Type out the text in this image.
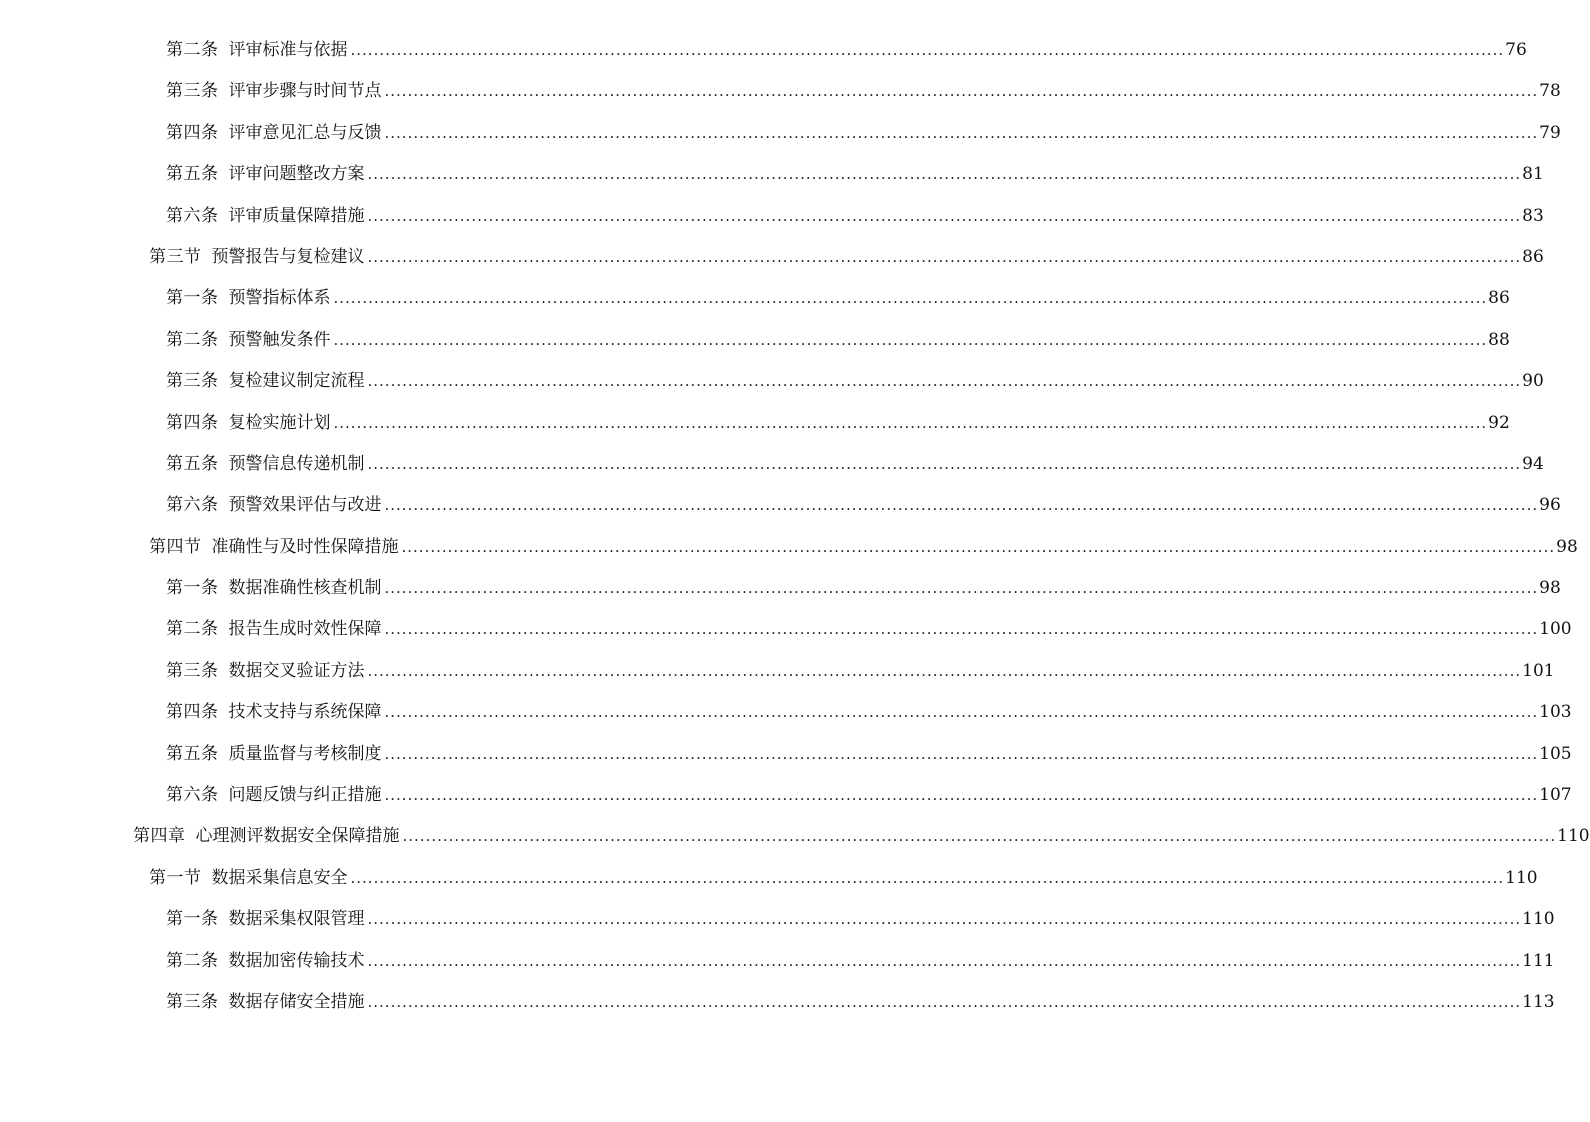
第二条 评审标准与依据 ........................................................................................................................................................................................................ 76
第三条 评审步骤与时间节点 ........................................................................................................................................................................................................ 78
第四条 评审意见汇总与反馈 ........................................................................................................................................................................................................ 79
第五条 评审问题整改方案 ........................................................................................................................................................................................................ 81
第六条 评审质量保障措施 ........................................................................................................................................................................................................ 83
第三节 预警报告与复检建议 ........................................................................................................................................................................................................ 86
第一条 预警指标体系 ........................................................................................................................................................................................................ 86
第二条 预警触发条件 ........................................................................................................................................................................................................ 88
第三条 复检建议制定流程 ........................................................................................................................................................................................................ 90
第四条 复检实施计划 ........................................................................................................................................................................................................ 92
第五条 预警信息传递机制 ........................................................................................................................................................................................................ 94
第六条 预警效果评估与改进 ........................................................................................................................................................................................................ 96
第四节 准确性与及时性保障措施 ........................................................................................................................................................................................................ 98
第一条 数据准确性核查机制 ........................................................................................................................................................................................................ 98
第二条 报告生成时效性保障 ........................................................................................................................................................................................................ 100
第三条 数据交叉验证方法 ........................................................................................................................................................................................................ 101
第四条 技术支持与系统保障 ........................................................................................................................................................................................................ 103
第五条 质量监督与考核制度 ........................................................................................................................................................................................................ 105
第六条 问题反馈与纠正措施 ........................................................................................................................................................................................................ 107
第四章 心理测评数据安全保障措施 ........................................................................................................................................................................................................ 110
第一节 数据采集信息安全 ........................................................................................................................................................................................................ 110
第一条 数据采集权限管理 ........................................................................................................................................................................................................ 110
第二条 数据加密传输技术 ........................................................................................................................................................................................................ 111
第三条 数据存储安全措施 ........................................................................................................................................................................................................ 113
